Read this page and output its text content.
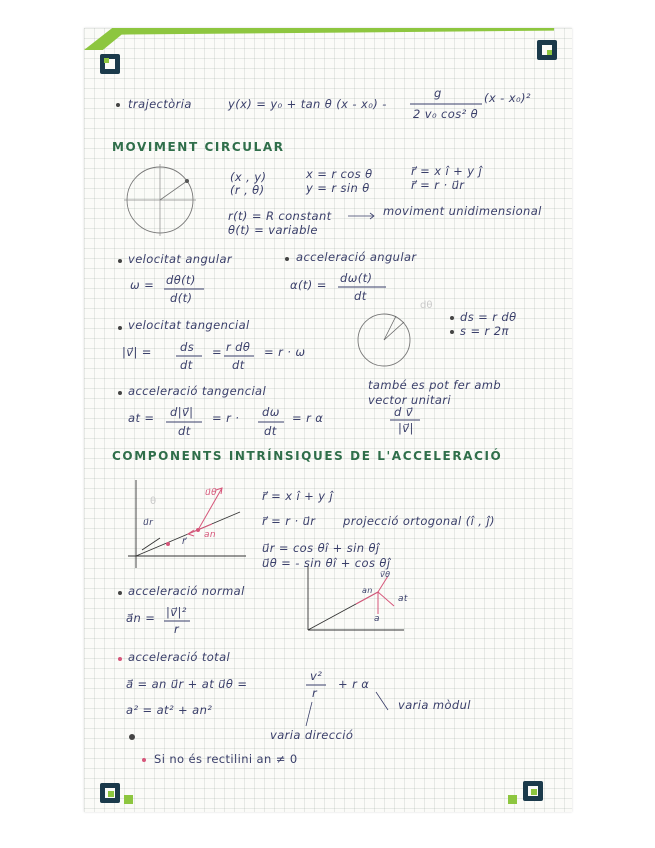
trajectòria	y(x) = y₀ + tan θ (x - x₀) -
g
2 v₀ cos² θ
(x - x₀)²
MOVIMENT CIRCULAR
(x , y)
(r , θ)
x = r cos θ
y = r sin θ
r⃗ = x î + y ĵ
r⃗ = r · u⃗r
r(t) = R constant
θ(t) = variable
moviment unidimensional
velocitat angular
ω = dθ(t)
d(t)
acceleració angular
α(t) = dω(t)
dt
velocitat tangencial
|v⃗| = ds
dt
= r dθ
dt
= r · ω
dθ
ds = r dθ
s = r 2π
acceleració tangencial
at = d|v⃗|
dt
= r · dω
dt
= r α
també es pot fer amb
vector unitari
d v⃗
|v⃗|
COMPONENTS INTRÍNSIQUES DE L'ACCELERACIÓ
u⃗r
u⃗θ
an
r⃗
θ	r⃗ = x î + y ĵ
r⃗ = r · u⃗r projecció ortogonal (î , ĵ)
u⃗r = cos θî + sin θĵ
u⃗θ = - sin θî + cos θĵ
v⃗θ
an
at
a
acceleració normal
a⃗n = |v⃗|²
r
acceleració total
a⃗ = an u⃗r + at u⃗θ =
v²
r
+ r α
a² = at² + an²	varia mòdul
varia direcció
Si no és rectilini an ≠ 0
